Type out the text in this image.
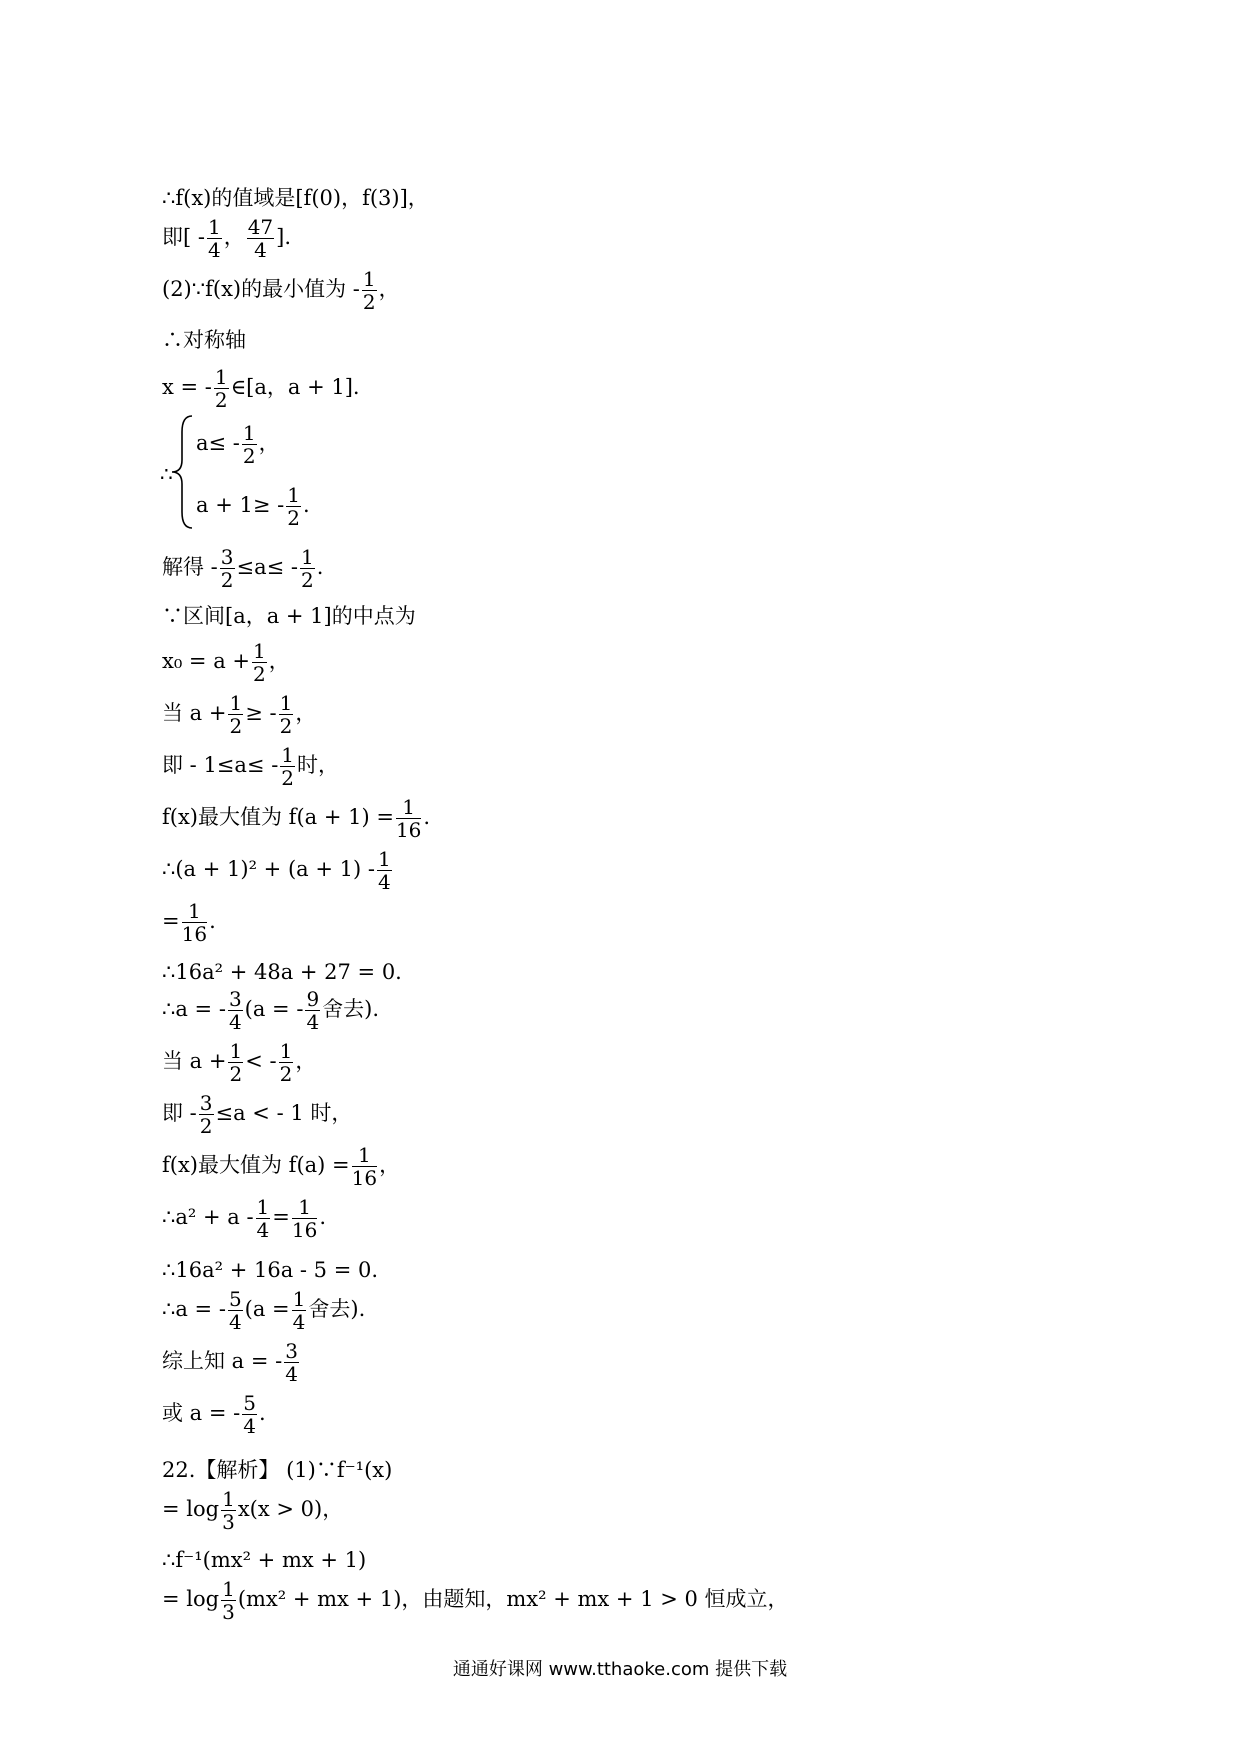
∴f(x)的值域是[f(0)，f(3)]，
即[ - $\frac{1}{4}$ ， $\frac{47}{4}$ ].
(2)∵f(x)的最小值为 - $\frac{1}{2}$ ，
∴对称轴
x = - $\frac{1}{2}$ ∈[a，a + 1].
∴
$a\le - \frac{1}{2}$ ，
$a + 1\ge - \frac{1}{2}$ .
解得 - $\frac{3}{2} \le a\le - \frac{1}{2}$ .
∵区间[a，a + 1]的中点为
$x_0 = a + \frac{1}{2}$ ，
当 $a + \frac{1}{2}$ ≥ - $\frac{1}{2}$ ，
即 - $1\le a\le - \frac{1}{2}$ 时，
f(x)最大值为 $f(a + 1) = \frac{1}{16}$ .
∴(a + $1)^2 + (a + 1) - \frac{1}{4}$
= $\frac{1}{16}$ .
∴16a² + 48a + 27 = 0.
∴a = - $\frac{3}{4} (a$ = - $\frac{9}{4}$ 舍去).
当 $a + \frac{1}{2}$ < - $\frac{1}{2}$ ，
即 - $\frac{3}{2} \le a$ < - 1 时，
f(x)最大值为 $f(a) = \frac{1}{16}$ ，
∴a² + $a - \frac{1}{4} = \frac{1}{16}$ .
∴16a² + 16a - 5 = 0.
∴a = - $\frac{5}{4} (a = \frac{1}{4}$ 舍去).
综上知 a = - $\frac{3}{4}$
或 a = - $\frac{5}{4}$ .
22.【解析】 (1)∵f⁻¹(x)
= $\log \frac{1}{3} x(x > 0)$，
∴f⁻¹(mx² + mx + 1)
= $\log \frac{1}{3} (mx^2$ + mx + 1)，由题知，mx² + mx + 1 > 0 恒成立，
通通好课网 www.tthaoke.com 提供下载
